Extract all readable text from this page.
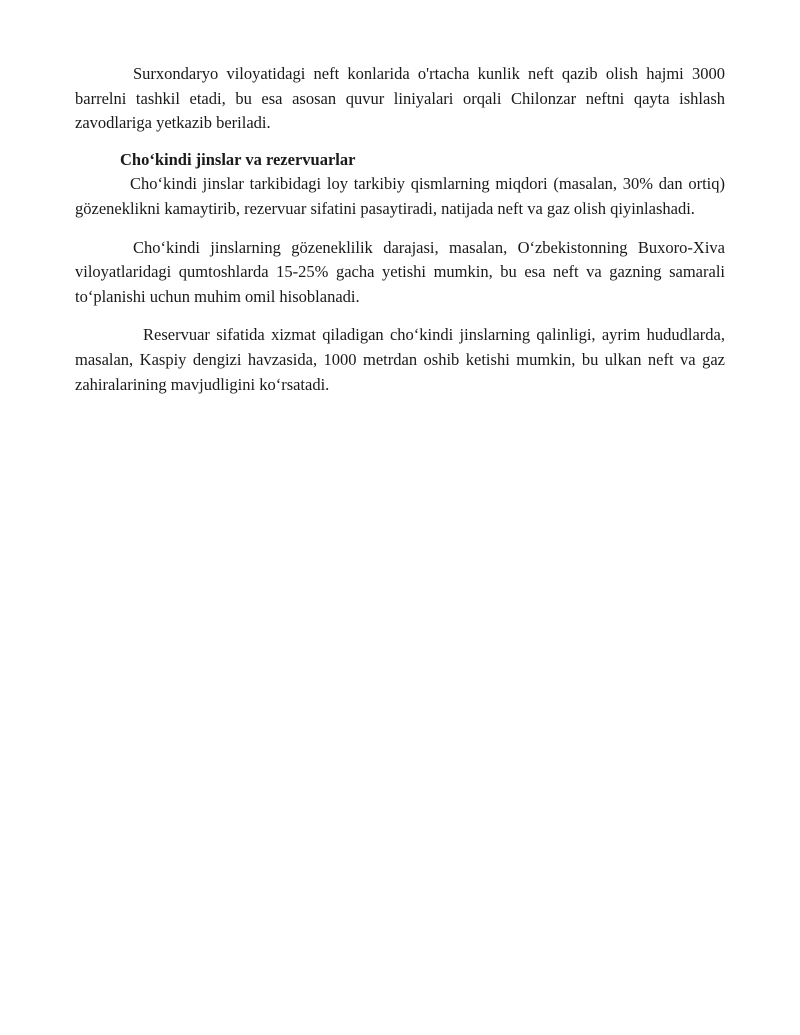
Surxondaryo viloyatidagi neft konlarida o'rtacha kunlik neft qazib olish hajmi 3000 barrelni tashkil etadi, bu esa asosan quvur liniyalari orqali Chilonzar neftni qayta ishlash zavodlariga yetkazib beriladi.

Cho‘kindi jinslar va rezervuarlar

Cho‘kindi jinslar tarkibidagi loy tarkibiy qismlarning miqdori (masalan, 30% dan ortiq) gözeneklikni kamaytirib, rezervuar sifatini pasaytiradi, natijada neft va gaz olish qiyinlashadi.

Cho‘kindi jinslarning gözeneklilik darajasi, masalan, O‘zbekistonning Buxoro-Xiva viloyatlaridagi qumtoshlarda 15-25% gacha yetishi mumkin, bu esa neft va gazning samarali to‘planishi uchun muhim omil hisoblanadi.

Reservuar sifatida xizmat qiladigan cho‘kindi jinslarning qalinligi, ayrim hududlarda, masalan, Kaspiy dengizi havzasida, 1000 metrdan oshib ketishi mumkin, bu ulkan neft va gaz zahiralarining mavjudligini ko‘rsatadi.
